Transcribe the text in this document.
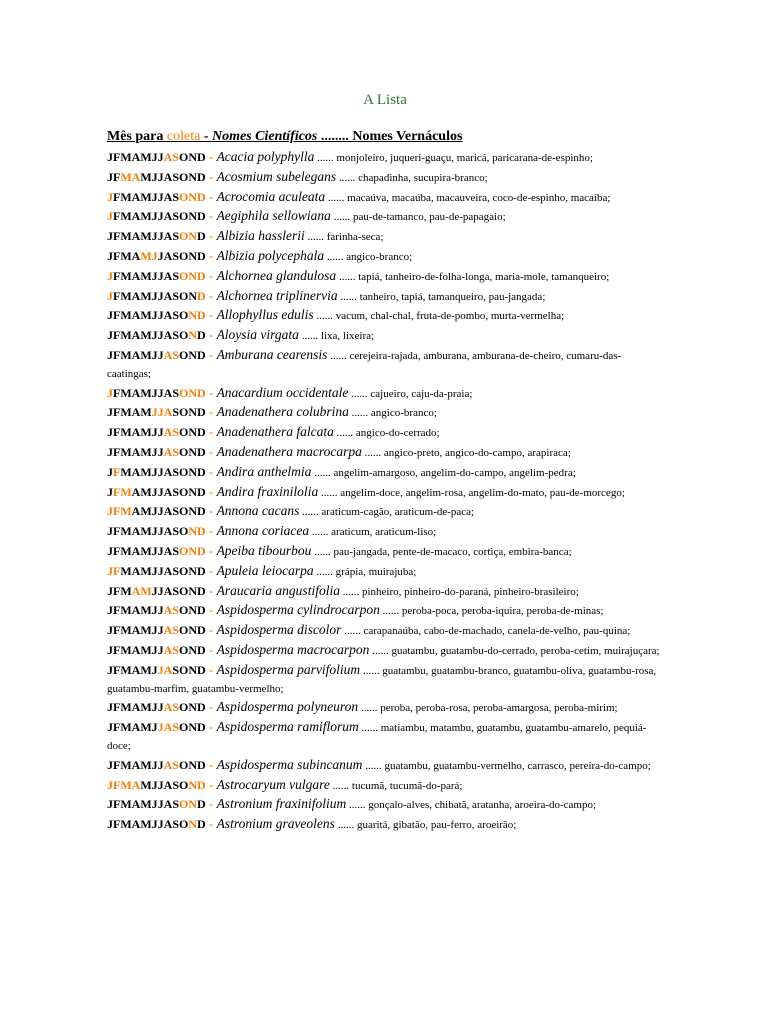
A Lista
Mês para coleta - Nomes Científicos ........ Nomes Vernáculos
JFMAMJJASOND - Acacia polyphylla ...... monjoleiro, juqueri-guaçu, maricá, paricarana-de-espinho;
JFMAMJJASOND - Acosmium subelegans ...... chapadinha, sucupira-branco;
JFMAMJJASOND - Acrocomia aculeata ...... macaúva, macaúba, macauveira, coco-de-espinho, macaíba;
JFMAMJJASOND - Aegiphila sellowiana ...... pau-de-tamanco, pau-de-papagaio;
JFMAMJJASOND - Albizia hasslerii ...... farinha-seca;
JFMAMJJASOND - Albizia polycephala ...... angico-branco;
JFMAMJJASOND - Alchornea glandulosa ...... tapiá, tanheiro-de-folha-longa, maria-mole, tamanqueiro;
JFMAMJJASOND - Alchornea triplinervia ...... tanheiro, tapiá, tamanqueiro, pau-jangada;
JFMAMJJASOND - Allophyllus edulis ...... vacum, chal-chal, fruta-de-pombo, murta-vermelha;
JFMAMJJASOND - Aloysia virgata ...... lixa, lixeira;
JFMAMJJASOND - Amburana cearensis ...... cerejeira-rajada, amburana, amburana-de-cheiro, cumaru-das-caatingas;
JFMAMJJASOND - Anacardium occidentale ...... cajueiro, caju-da-praia;
JFMAMJJASOND - Anadenathera colubrina ...... angico-branco;
JFMAMJJASOND - Anadenathera falcata ...... angico-do-cerrado;
JFMAMJJASOND - Anadenathera macrocarpa ...... angico-preto, angico-do-campo, arapiraca;
JFMAMJJASOND - Andira anthelmia ...... angelim-amargoso, angelim-do-campo, angelim-pedra;
JFMAMJJASOND - Andira fraxinilolia ...... angelim-doce, angelim-rosa, angelim-do-mato, pau-de-morcego;
JFMAMJJASOND - Annona cacans ...... araticum-cagão, araticum-de-paca;
JFMAMJJASOND - Annona coriacea ...... araticum, araticum-liso;
JFMAMJJASOND - Apeiba tibourbou ...... pau-jangada, pente-de-macaco, cortiça, embira-banca;
JFMAMJJASOND - Apuleia leiocarpa ...... grápia, muirajuba;
JFMAMJJASOND - Araucaria angustifolia ...... pinheiro, pinheiro-do-paraná, pinheiro-brasileiro;
JFMAMJJASOND - Aspidosperma cylindrocarpon ...... peroba-poca, peroba-iquira, peroba-de-minas;
JFMAMJJASOND - Aspidosperma discolor ...... carapanaúba, cabo-de-machado, canela-de-velho, pau-quina;
JFMAMJJASOND - Aspidosperma macrocarpon ...... guatambu, guatambu-do-cerrado, peroba-cetim, muirajuçara;
JFMAMJJASOND - Aspidosperma parvifolium ...... guatambu, guatambu-branco, guatambu-oliva, guatambu-rosa, guatambu-marfim, guatambu-vermelho;
JFMAMJJASOND - Aspidosperma polyneuron ...... peroba, peroba-rosa, peroba-amargosa, peroba-mirim;
JFMAMJJASOND - Aspidosperma ramiflorum ...... matiambu, matambu, guatambu, guatambu-amarelo, pequiá-doce;
JFMAMJJASOND - Aspidosperma subincanum ...... guatambu, guatambu-vermelho, carrasco, pereira-do-campo;
JFMAMJJASOND - Astrocaryum vulgare ...... tucumã, tucumã-do-pará;
JFMAMJJASOND - Astronium fraxinifolium ...... gonçalo-alves, chibatã, aratanha, aroeira-do-campo;
JFMAMJJASOND - Astronium graveolens ...... guaritá, gibatão, pau-ferro, aroeirão;
